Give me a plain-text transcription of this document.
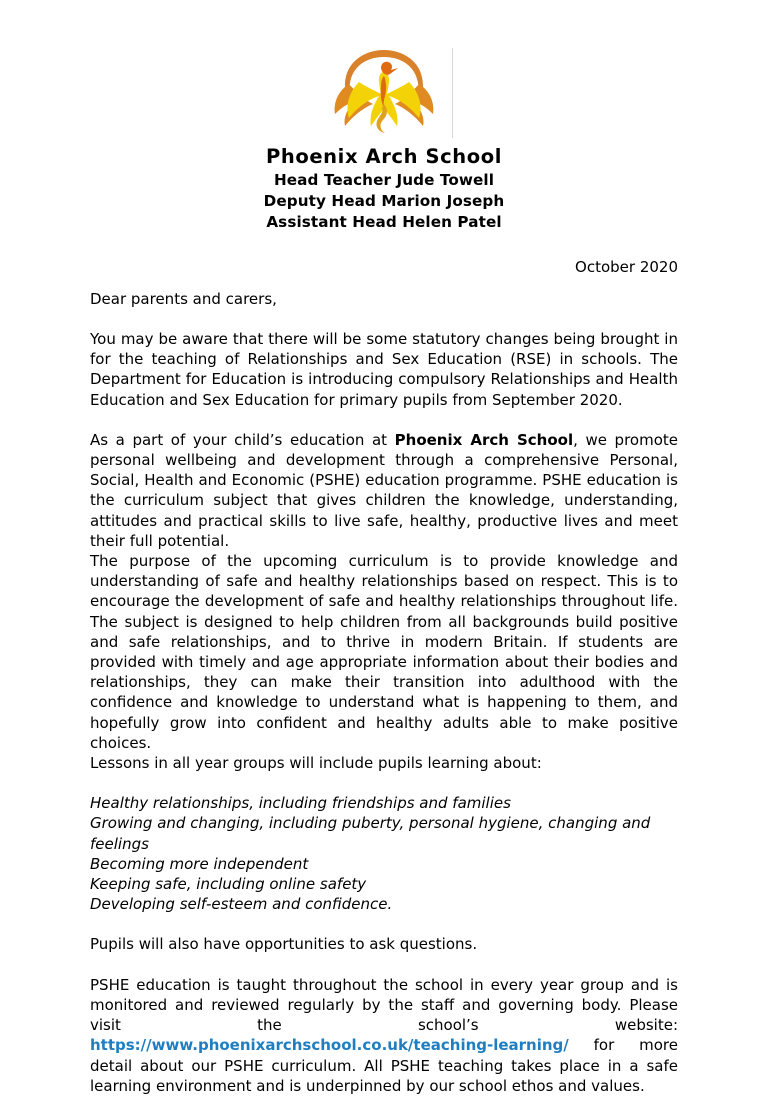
Phoenix Arch School
Head Teacher Jude Towell
Deputy Head Marion Joseph
Assistant Head Helen Patel
October 2020
Dear parents and carers,

You may be aware that there will be some statutory changes being brought in for the teaching of Relationships and Sex Education (RSE) in schools. The Department for Education is introducing compulsory Relationships and Health Education and Sex Education for primary pupils from September 2020.

As a part of your child’s education at Phoenix Arch School, we promote personal wellbeing and development through a comprehensive Personal, Social, Health and Economic (PSHE) education programme. PSHE education is the curriculum subject that gives children the knowledge, understanding, attitudes and practical skills to live safe, healthy, productive lives and meet their full potential.

The purpose of the upcoming curriculum is to provide knowledge and understanding of safe and healthy relationships based on respect. This is to encourage the development of safe and healthy relationships throughout life. The subject is designed to help children from all backgrounds build positive and safe relationships, and to thrive in modern Britain. If students are provided with timely and age appropriate information about their bodies and relationships, they can make their transition into adulthood with the confidence and knowledge to understand what is happening to them, and hopefully grow into confident and healthy adults able to make positive choices.

Lessons in all year groups will include pupils learning about:

Healthy relationships, including friendships and families
Growing and changing, including puberty, personal hygiene, changing and feelings
Becoming more independent
Keeping safe, including online safety
Developing self-esteem and confidence.

Pupils will also have opportunities to ask questions.

PSHE education is taught throughout the school in every year group and is monitored and reviewed regularly by the staff and governing body. Please visit the school’s website: https://www.phoenixarchschool.co.uk/teaching-learning/ for more detail about our PSHE curriculum. All PSHE teaching takes place in a safe learning environment and is underpinned by our school ethos and values.
